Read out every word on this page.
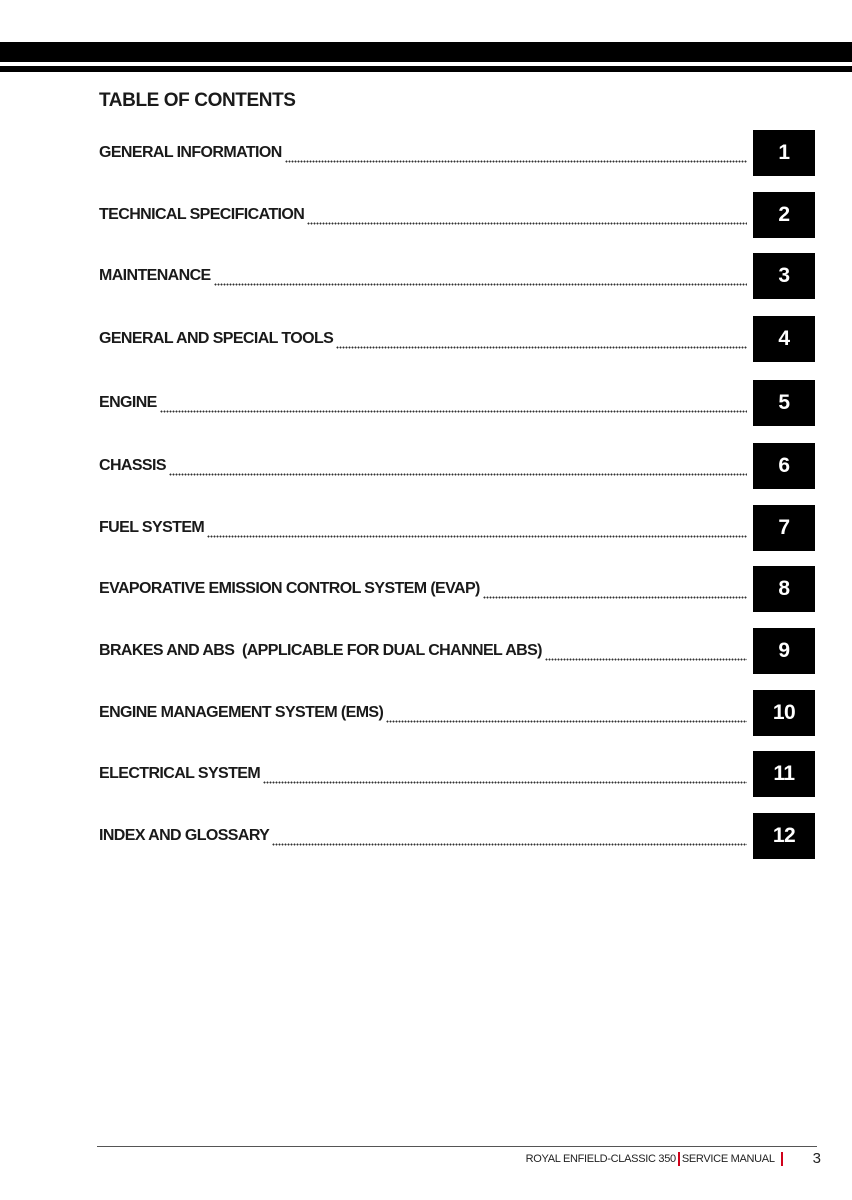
TABLE OF CONTENTS
GENERAL INFORMATION	1
TECHNICAL SPECIFICATION	2
MAINTENANCE	3
GENERAL AND SPECIAL TOOLS	4
ENGINE	5
CHASSIS	6
FUEL SYSTEM	7
EVAPORATIVE EMISSION CONTROL SYSTEM (EVAP)	8
BRAKES AND ABS  (APPLICABLE FOR DUAL CHANNEL ABS)	9
ENGINE MANAGEMENT SYSTEM (EMS)	10
ELECTRICAL SYSTEM	11
INDEX AND GLOSSARY	12
ROYAL ENFIELD-CLASSIC 350 SERVICE MANUAL	3
